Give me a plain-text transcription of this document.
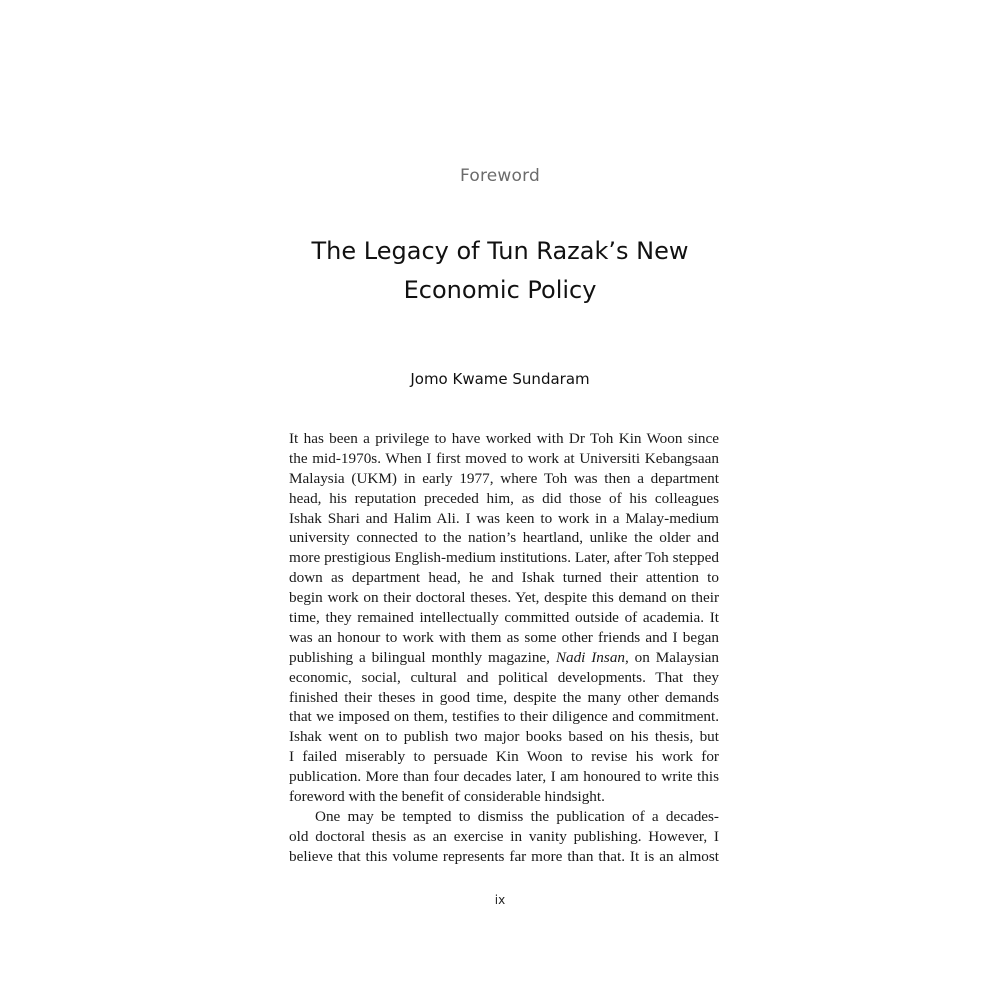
Foreword
The Legacy of Tun Razak’s New
Economic Policy
Jomo Kwame Sundaram
It has been a privilege to have worked with Dr Toh Kin Woon since
the mid-1970s. When I first moved to work at Universiti Kebangsaan
Malaysia (UKM) in early 1977, where Toh was then a department
head, his reputation preceded him, as did those of his colleagues
Ishak Shari and Halim Ali. I was keen to work in a Malay-medium
university connected to the nation’s heartland, unlike the older and
more prestigious English-medium institutions. Later, after Toh stepped
down as department head, he and Ishak turned their attention to
begin work on their doctoral theses. Yet, despite this demand on their
time, they remained intellectually committed outside of academia. It
was an honour to work with them as some other friends and I began
publishing a bilingual monthly magazine, Nadi Insan, on Malaysian
economic, social, cultural and political developments. That they
finished their theses in good time, despite the many other demands
that we imposed on them, testifies to their diligence and commitment.
Ishak went on to publish two major books based on his thesis, but
I failed miserably to persuade Kin Woon to revise his work for
publication. More than four decades later, I am honoured to write this
foreword with the benefit of considerable hindsight.
One may be tempted to dismiss the publication of a decades-
old doctoral thesis as an exercise in vanity publishing. However, I
believe that this volume represents far more than that. It is an almost
ix
